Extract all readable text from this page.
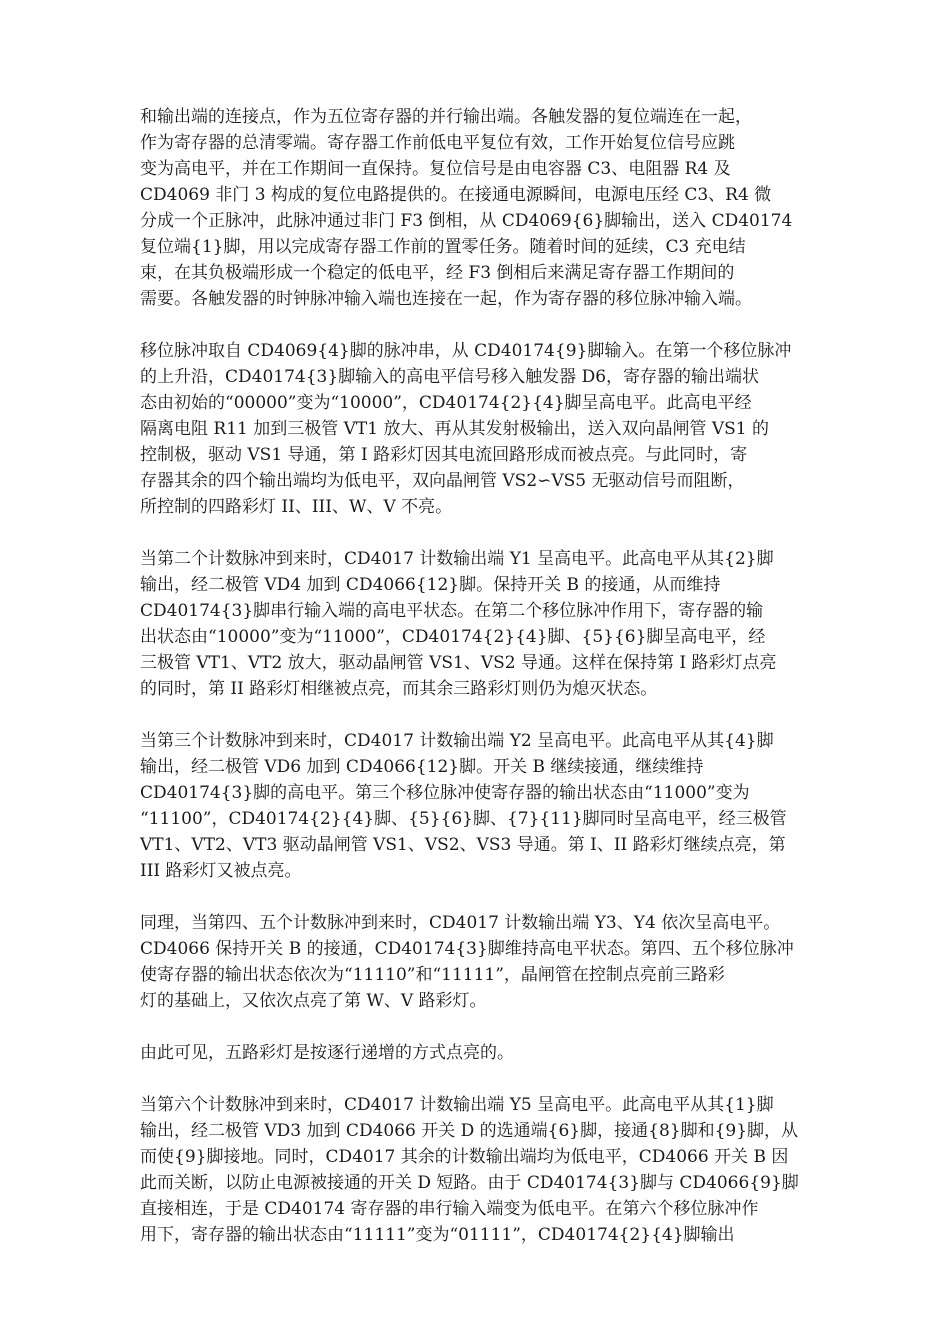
和输出端的连接点，作为五位寄存器的并行输出端。各触发器的复位端连在一起，
作为寄存器的总清零端。寄存器工作前低电平复位有效，工作开始复位信号应跳
变为高电平，并在工作期间一直保持。复位信号是由电容器 C3、电阻器 R4 及
CD4069 非门 3 构成的复位电路提供的。在接通电源瞬间，电源电压经 C3、R4 微
分成一个正脉冲，此脉冲通过非门 F3 倒相，从 CD4069{6}脚输出，送入 CD40174
复位端{1}脚，用以完成寄存器工作前的置零任务。随着时间的延续，C3 充电结
束，在其负极端形成一个稳定的低电平，经 F3 倒相后来满足寄存器工作期间的
需要。各触发器的时钟脉冲输入端也连接在一起，作为寄存器的移位脉冲输入端。

移位脉冲取自 CD4069{4}脚的脉冲串，从 CD40174{9}脚输入。在第一个移位脉冲
的上升沿，CD40174{3}脚输入的高电平信号移入触发器 D6，寄存器的输出端状
态由初始的“00000”变为“10000”，CD40174{2}{4}脚呈高电平。此高电平经
隔离电阻 R11 加到三极管 VT1 放大、再从其发射极输出，送入双向晶闸管 VS1 的
控制极，驱动 VS1 导通，第 I 路彩灯因其电流回路形成而被点亮。与此同时，寄
存器其余的四个输出端均为低电平，双向晶闸管 VS2∽VS5 无驱动信号而阻断，
所控制的四路彩灯 II、III、W、V 不亮。

当第二个计数脉冲到来时，CD4017 计数输出端 Y1 呈高电平。此高电平从其{2}脚
输出，经二极管 VD4 加到 CD4066{12}脚。保持开关 B 的接通，从而维持
CD40174{3}脚串行输入端的高电平状态。在第二个移位脉冲作用下，寄存器的输
出状态由“10000”变为“11000”，CD40174{2}{4}脚、{5}{6}脚呈高电平，经
三极管 VT1、VT2 放大，驱动晶闸管 VS1、VS2 导通。这样在保持第 I 路彩灯点亮
的同时，第 II 路彩灯相继被点亮，而其余三路彩灯则仍为熄灭状态。

当第三个计数脉冲到来时，CD4017 计数输出端 Y2 呈高电平。此高电平从其{4}脚
输出，经二极管 VD6 加到 CD4066{12}脚。开关 B 继续接通，继续维持
CD40174{3}脚的高电平。第三个移位脉冲使寄存器的输出状态由“11000”变为
“11100”，CD40174{2}{4}脚、{5}{6}脚、{7}{11}脚同时呈高电平，经三极管
VT1、VT2、VT3 驱动晶闸管 VS1、VS2、VS3 导通。第 I、II 路彩灯继续点亮，第
III 路彩灯又被点亮。

同理，当第四、五个计数脉冲到来时，CD4017 计数输出端 Y3、Y4 依次呈高电平。
CD4066 保持开关 B 的接通，CD40174{3}脚维持高电平状态。第四、五个移位脉冲
使寄存器的输出状态依次为“11110”和“11111”，晶闸管在控制点亮前三路彩
灯的基础上，又依次点亮了第 W、V 路彩灯。

由此可见，五路彩灯是按逐行递增的方式点亮的。

当第六个计数脉冲到来时，CD4017 计数输出端 Y5 呈高电平。此高电平从其{1}脚
输出，经二极管 VD3 加到 CD4066 开关 D 的选通端{6}脚，接通{8}脚和{9}脚，从
而使{9}脚接地。同时，CD4017 其余的计数输出端均为低电平，CD4066 开关 B 因
此而关断，以防止电源被接通的开关 D 短路。由于 CD40174{3}脚与 CD4066{9}脚
直接相连，于是 CD40174 寄存器的串行输入端变为低电平。在第六个移位脉冲作
用下，寄存器的输出状态由“11111”变为“01111”，CD40174{2}{4}脚输出
